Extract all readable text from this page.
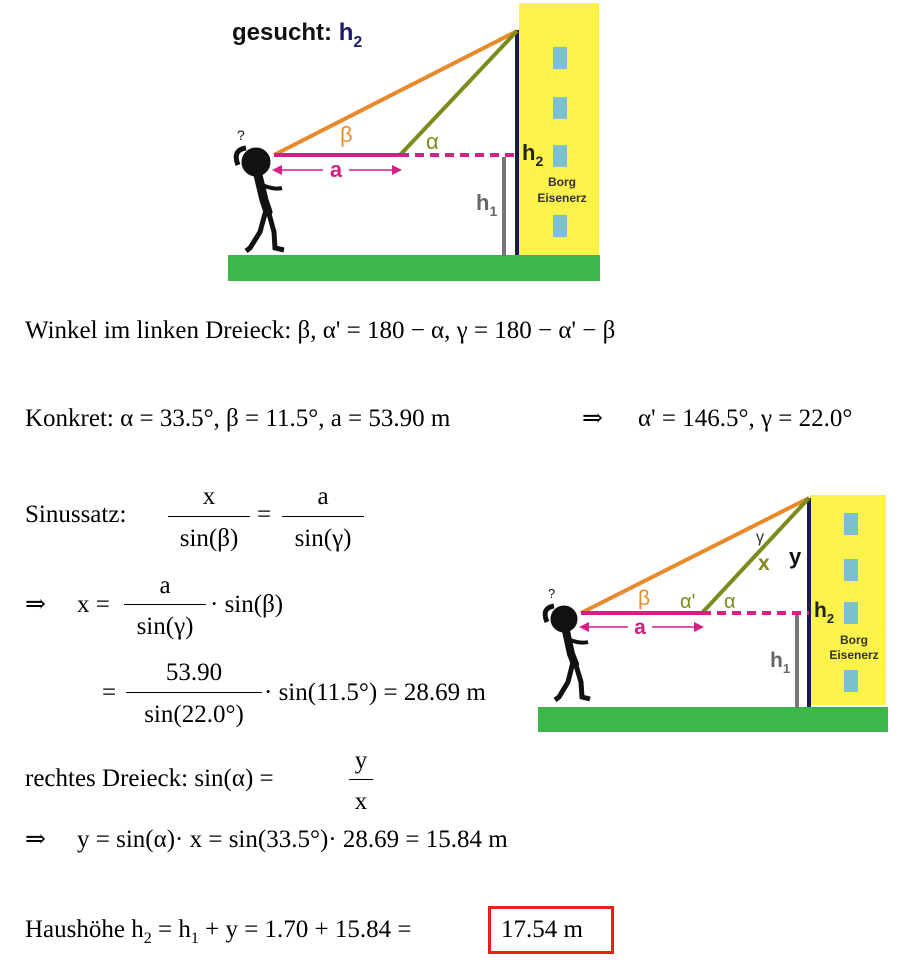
Borg
Eisenerz
a
β	α	$h_2$
$h_1$
gesucht: $h_2$
?
Winkel im linken Dreieck: β, α' = 180 − α, γ = 180 − α' − β
Konkret: α = 33.5°, β = 11.5°, a = 53.90 m	⇒ α' = 146.5°, γ = 22.0°
Sinussatz:
x
sin(β)
=
a
sin(γ)
⇒ x =
a
sin(γ)
· sin(β)
=
53.90
sin(22.0°)
· sin(11.5°) = 28.69 m
rechtes Dreieck: sin(α) =
y
x
⇒ y = sin(α)· x = sin(33.5°)· 28.69 = 15.84 m
Haushöhe $h_2 = h_1 + y = 1.70 + 15.84$ =	17.54 m
Borg
Eisenerz
a
β α' α
γ
x y
$h_2$
$h_1$
?
